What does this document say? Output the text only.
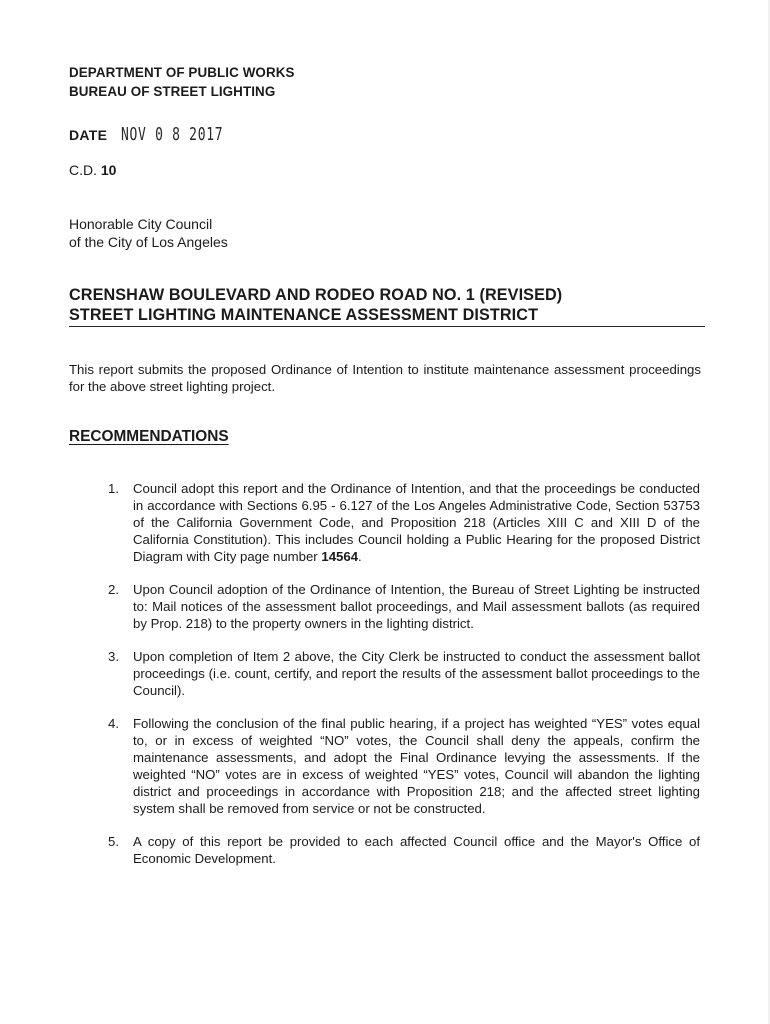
DEPARTMENT OF PUBLIC WORKS
BUREAU OF STREET LIGHTING
DATE NOV 0 8 2017
C.D. 10
Honorable City Council
of the City of Los Angeles
CRENSHAW BOULEVARD AND RODEO ROAD NO. 1 (REVISED)
STREET LIGHTING MAINTENANCE ASSESSMENT DISTRICT

This report submits the proposed Ordinance of Intention to institute maintenance assessment proceedings for the above street lighting project.

RECOMMENDATIONS
1. Council adopt this report and the Ordinance of Intention, and that the proceedings be conducted in accordance with Sections 6.95 - 6.127 of the Los Angeles Administrative Code, Section 53753 of the California Government Code, and Proposition 218 (Articles XIII C and XIII D of the California Constitution). This includes Council holding a Public Hearing for the proposed District Diagram with City page number 14564.
2. Upon Council adoption of the Ordinance of Intention, the Bureau of Street Lighting be instructed to: Mail notices of the assessment ballot proceedings, and Mail assessment ballots (as required by Prop. 218) to the property owners in the lighting district.
3. Upon completion of Item 2 above, the City Clerk be instructed to conduct the assessment ballot proceedings (i.e. count, certify, and report the results of the assessment ballot proceedings to the Council).
4. Following the conclusion of the final public hearing, if a project has weighted “YES” votes equal to, or in excess of weighted “NO” votes, the Council shall deny the appeals, confirm the maintenance assessments, and adopt the Final Ordinance levying the assessments. If the weighted “NO” votes are in excess of weighted “YES” votes, Council will abandon the lighting district and proceedings in accordance with Proposition 218; and the affected street lighting system shall be removed from service or not be constructed.
5. A copy of this report be provided to each affected Council office and the Mayor's Office of Economic Development.
